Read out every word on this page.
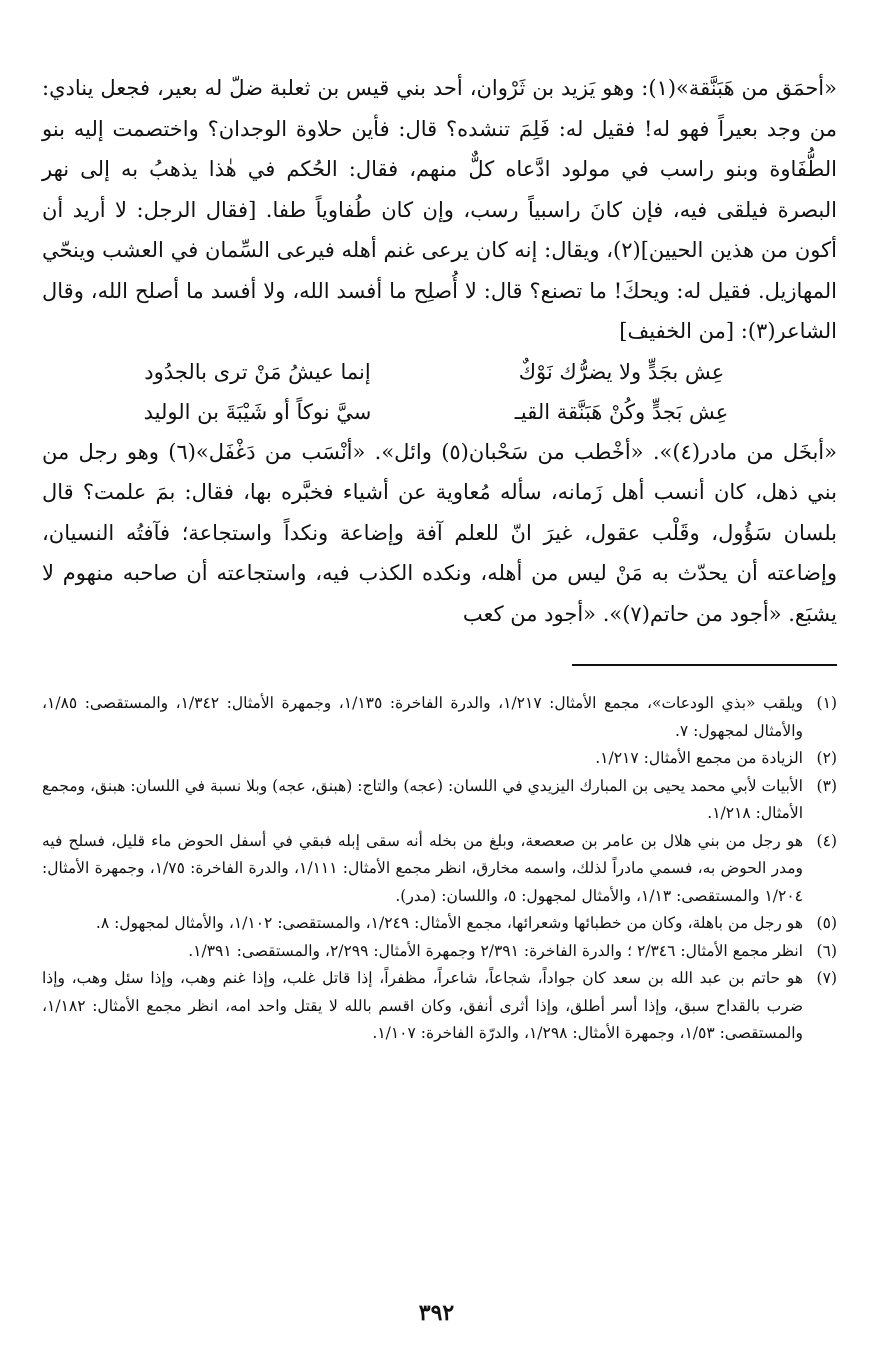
«أحمَق من هَبَنَّقة»(١): وهو يَزيد بن ثَرْوان، أحد بني قيس بن ثعلبة ضلّ له بعير، فجعل ينادي: من وجد بعيراً فهو له! فقيل له: فَلِمَ تنشده؟ قال: فأين حلاوة الوجدان؟ واختصمت إليه بنو الطُّفَاوة وبنو راسب في مولود ادَّعاه كلٌّ منهم، فقال: الحُكم في هٰذا يذهبُ به إلى نهر البصرة فيلقى فيه، فإن كانَ راسبياً رسب، وإن كان طُفاوياً طفا. [فقال الرجل: لا أريد أن أكون من هذين الحيين](٢)، ويقال: إنه كان يرعى غنم أهله فيرعى السِّمان في العشب وينحّي المهازيل. فقيل له: ويحكَ! ما تصنع؟ قال: لا أُصلِح ما أفسد الله، ولا أفسد ما أصلح الله، وقال الشاعر(٣): [من الخفيف]

عِش بجَدٍّ ولا يضرُّك نَوْكٌ
إنما عيشُ مَنْ ترى بالجدُود
عِش بَجدٍّ وكُنْ هَبَنَّقة القيـ
سيَّ نوكاً أو شَيْبَةَ بن الوليد

«أبخَل من مادر(٤)». «أخْطب من سَحْبان(٥) وائل». «أنْسَب من دَغْفَل»(٦) وهو رجل من بني ذهل، كان أنسب أهل زَمانه، سأله مُعاوية عن أشياء فخبَّره بها، فقال: بمَ علمت؟ قال بلسان سَؤُول، وقَلْب عقول، غيرَ انّ للعلم آفة وإضاعة ونكداً واستجاعة؛ فآفتُه النسيان، وإضاعته أن يحدّث به مَنْ ليس من أهله، ونكده الكذب فيه، واستجاعته أن صاحبه منهوم لا يشبَع. «أجود من حاتم(٧)». «أجود من كعب

(١)
ويلقب «بذي الودعات»، مجمع الأمثال: ١/٢١٧، والدرة الفاخرة: ١/١٣٥، وجمهرة الأمثال: ١/٣٤٢، والمستقصى: ١/٨٥، والأمثال لمجهول: ٧.
(٢)
الزيادة من مجمع الأمثال: ١/٢١٧.
(٣)
الأبيات لأبي محمد يحيى بن المبارك اليزيدي في اللسان: (عجه) والتاج: (هبنق، عجه) وبلا نسبة في اللسان: هبنق، ومجمع الأمثال: ١/٢١٨.
(٤)
هو رجل من بني هلال بن عامر بن صعصعة، وبلغ من بخله أنه سقى إبله فبقي في أسفل الحوض ماء قليل، فسلح فيه ومدر الحوض به، فسمي مادراً لذلك، واسمه مخارق، انظر مجمع الأمثال: ١/١١١، والدرة الفاخرة: ١/٧٥، وجمهرة الأمثال: ١/٢٠٤ والمستقصى: ١/١٣، والأمثال لمجهول: ٥، واللسان: (مدر).
(٥)
هو رجل من باهلة، وكان من خطبائها وشعرائها، مجمع الأمثال: ١/٢٤٩، والمستقصى: ١/١٠٢، والأمثال لمجهول: ٨.
(٦)
انظر مجمع الأمثال: ٢/٣٤٦ ؛ والدرة الفاخرة: ٢/٣٩١ وجمهرة الأمثال: ٢/٢٩٩، والمستقصى: ١/٣٩١.
(٧)
هو حاتم بن عبد الله بن سعد كان جواداً، شجاعاً، شاعراً، مظفراً، إذا قاتل غلب، وإذا غنم وهب، وإذا سئل وهب، وإذا ضرب بالقداح سبق، وإذا أسر أطلق، وإذا أثرى أنفق، وكان اقسم بالله لا يقتل واحد امه، انظر مجمع الأمثال: ١/١٨٢، والمستقصى: ١/٥٣، وجمهرة الأمثال: ١/٢٩٨، والدرّة الفاخرة: ١/١٠٧.
٣٩٢
